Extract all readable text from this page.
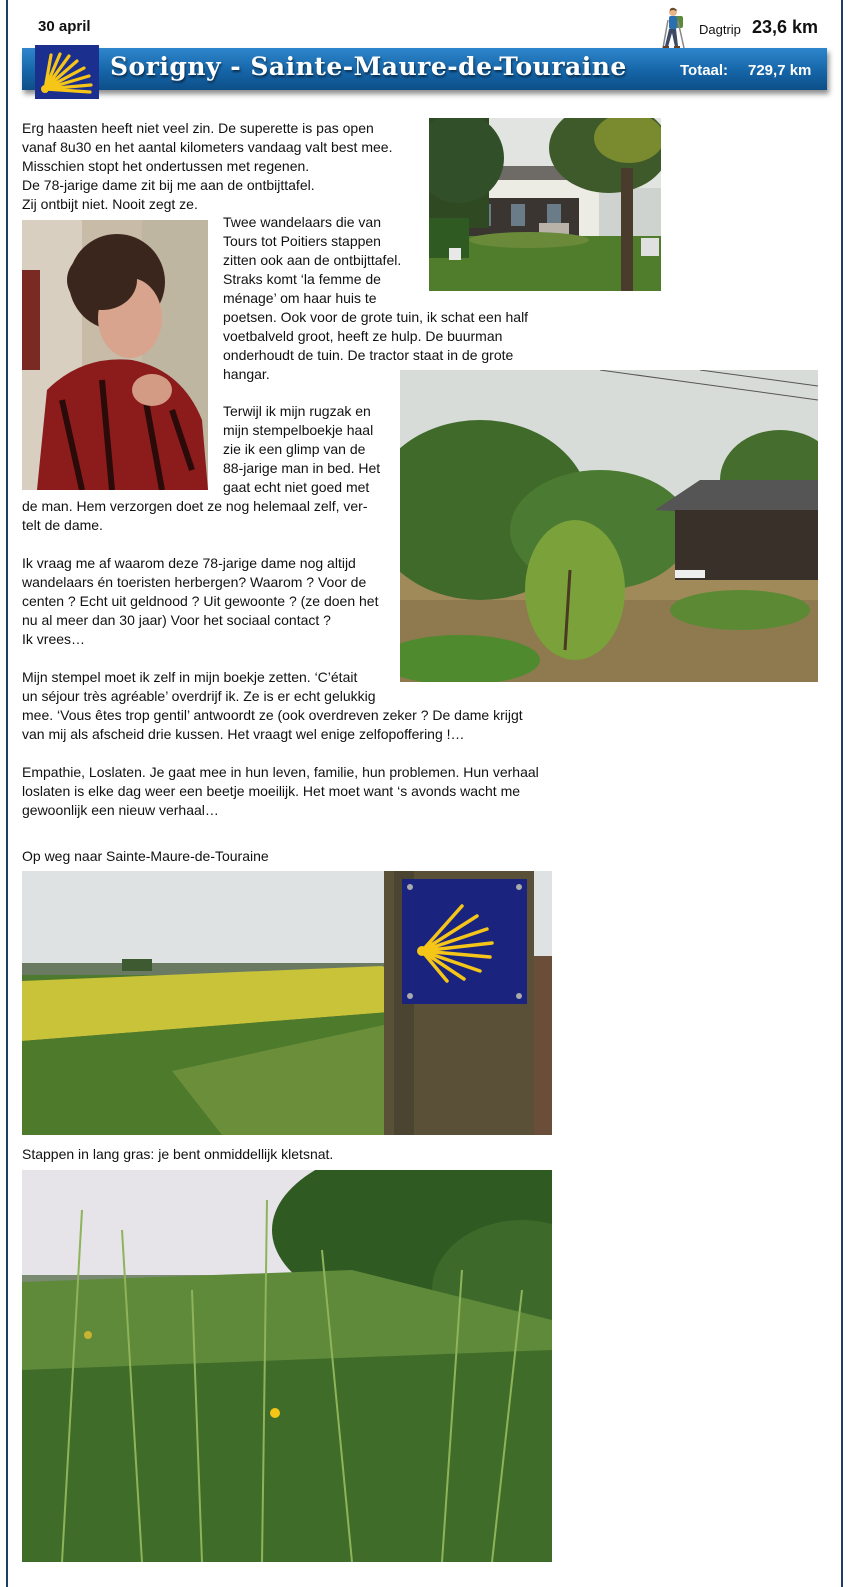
30 april	Dagtrip 23,6 km
Sorigny - Sainte-Maure-de-Touraine	Totaal: 729,7 km
Erg haasten heeft niet veel zin. De superette is pas open
vanaf 8u30 en het aantal kilometers vandaag valt best mee.
Misschien stopt het ondertussen met regenen.
De 78-jarige dame zit bij me aan de ontbijttafel.
Zij ontbijt niet. Nooit zegt ze.
Twee wandelaars die van
Tours tot Poitiers stappen
zitten ook aan de ontbijttafel.
Straks komt ‘la femme de
ménage’ om haar huis te
poetsen. Ook voor de grote tuin, ik schat een half
voetbalveld groot, heeft ze hulp. De buurman
onderhoudt de tuin. De tractor staat in de grote
hangar.
Terwijl ik mijn rugzak en
mijn stempelboekje haal
zie ik een glimp van de
88-jarige man in bed. Het
gaat echt niet goed met
de man. Hem verzorgen doet ze nog helemaal zelf, ver-
telt de dame.
Ik vraag me af waarom deze 78-jarige dame nog altijd
wandelaars én toeristen herbergen? Waarom ? Voor de
centen ? Echt uit geldnood ? Uit gewoonte ? (ze doen het
nu al meer dan 30 jaar) Voor het sociaal contact ?
Ik vrees…
Mijn stempel moet ik zelf in mijn boekje zetten. ‘C’était
un séjour très agréable’ overdrijf ik. Ze is er echt gelukkig
mee. ‘Vous êtes trop gentil’ antwoordt ze (ook overdreven zeker ? De dame krijgt
van mij als afscheid drie kussen. Het vraagt wel enige zelfopoffering !…
Empathie, Loslaten. Je gaat mee in hun leven, familie, hun problemen. Hun verhaal
loslaten is elke dag weer een beetje moeilijk. Het moet want ‘s avonds wacht me
gewoonlijk een nieuw verhaal…
Op weg naar Sainte-Maure-de-Touraine
Stappen in lang gras: je bent onmiddellijk kletsnat.
